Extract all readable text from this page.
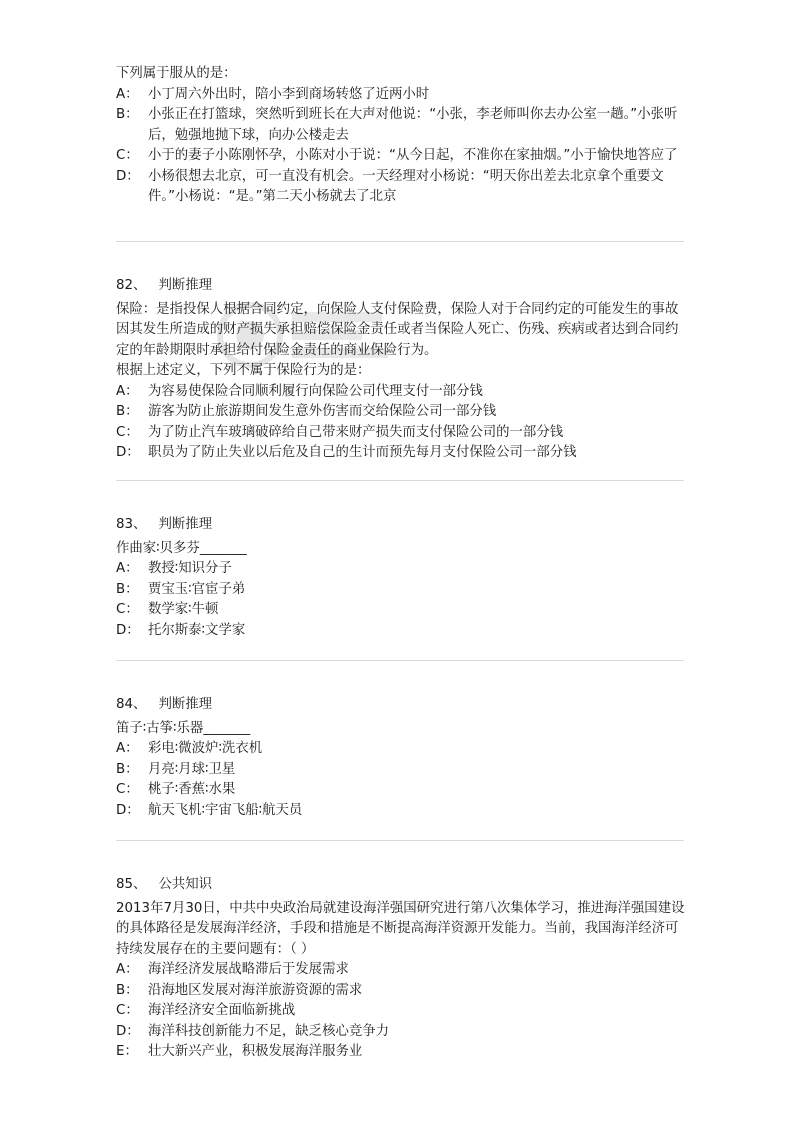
下列属于服从的是：
A： 小丁周六外出时，陪小李到商场转悠了近两小时
B： 小张正在打篮球，突然听到班长在大声对他说：“小张，李老师叫你去办公室一趟。”小张听后，勉强地抛下球，向办公楼走去
C： 小于的妻子小陈刚怀孕，小陈对小于说：“从今日起，不准你在家抽烟。”小于愉快地答应了
D： 小杨很想去北京，可一直没有机会。一天经理对小杨说：“明天你出差去北京拿个重要文件。”小杨说：“是。”第二天小杨就去了北京
82、 判断推理
保险：是指投保人根据合同约定，向保险人支付保险费，保险人对于合同约定的可能发生的事故因其发生所造成的财产损失承担赔偿保险金责任或者当保险人死亡、伤残、疾病或者达到合同约定的年龄期限时承担给付保险金责任的商业保险行为。
根据上述定义，下列不属于保险行为的是：
A： 为容易使保险合同顺利履行向保险公司代理支付一部分钱
B： 游客为防止旅游期间发生意外伤害而交给保险公司一部分钱
C： 为了防止汽车玻璃破碎给自己带来财产损失而支付保险公司的一部分钱
D： 职员为了防止失业以后危及自己的生计而预先每月支付保险公司一部分钱
83、 判断推理
作曲家∶贝多芬_______
A： 教授∶知识分子
B： 贾宝玉∶官宦子弟
C： 数学家∶牛顿
D： 托尔斯泰∶文学家
84、 判断推理
笛子∶古筝∶乐器_______
A： 彩电∶微波炉∶洗衣机
B： 月亮∶月球∶卫星
C： 桃子∶香蕉∶水果
D： 航天飞机∶宇宙飞船∶航天员
85、 公共知识
2013年7月30日，中共中央政治局就建设海洋强国研究进行第八次集体学习，推进海洋强国建设的具体路径是发展海洋经济，手段和措施是不断提高海洋资源开发能力。当前，我国海洋经济可持续发展存在的主要问题有：（ ）
A： 海洋经济发展战略滞后于发展需求
B： 沿海地区发展对海洋旅游资源的需求
C： 海洋经济安全面临新挑战
D： 海洋科技创新能力不足，缺乏核心竞争力
E： 壮大新兴产业，积极发展海洋服务业
